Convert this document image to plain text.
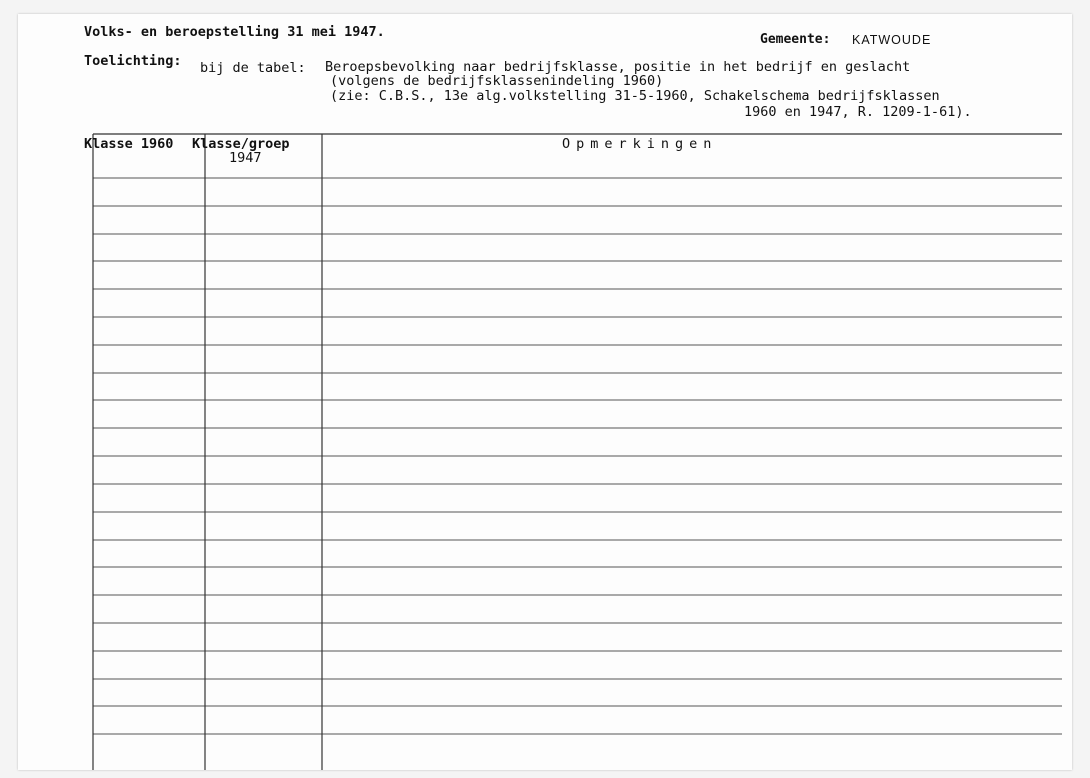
Volks- en beroepstelling 31 mei 1947.	Gemeente: KATWOUDE
Toelichting: bij de tabel: Beroepsbevolking naar bedrijfsklasse, positie in het bedrijf en geslacht
(volgens de bedrijfsklassenindeling 1960)
(zie: C.B.S., 13e alg.volkstelling 31-5-1960, Schakelschema bedrijfsklassen
1960 en 1947, R. 1209-1-61).
Klasse 1960 Klasse/groep
1947
Opmerkingen
